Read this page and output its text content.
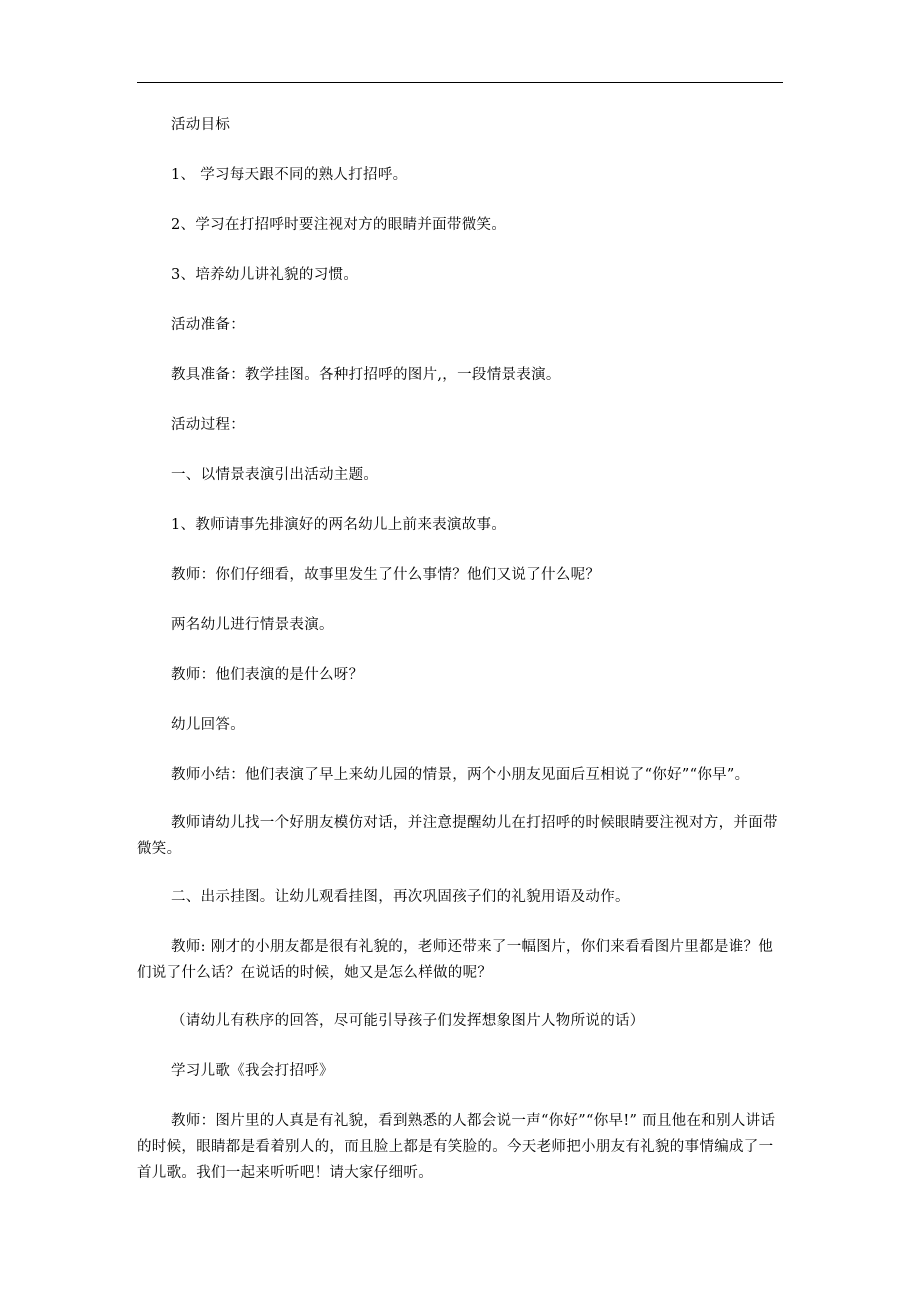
活动目标

1、 学习每天跟不同的熟人打招呼。

2、学习在打招呼时要注视对方的眼睛并面带微笑。

3、培养幼儿讲礼貌的习惯。

活动准备：

教具准备：教学挂图。各种打招呼的图片,，一段情景表演。

活动过程：

一、以情景表演引出活动主题。

1、教师请事先排演好的两名幼儿上前来表演故事。

教师：你们仔细看，故事里发生了什么事情？他们又说了什么呢？

两名幼儿进行情景表演。

教师：他们表演的是什么呀？

幼儿回答。

教师小结：他们表演了早上来幼儿园的情景，两个小朋友见面后互相说了“你好”“你早”。

教师请幼儿找一个好朋友模仿对话，并注意提醒幼儿在打招呼的时候眼睛要注视对方，并面带微笑。

二、出示挂图。让幼儿观看挂图，再次巩固孩子们的礼貌用语及动作。

教师: 刚才的小朋友都是很有礼貌的，老师还带来了一幅图片，你们来看看图片里都是谁？他们说了什么话？在说话的时候，她又是怎么样做的呢？

（请幼儿有秩序的回答，尽可能引导孩子们发挥想象图片人物所说的话）

学习儿歌《我会打招呼》

教师：图片里的人真是有礼貌，看到熟悉的人都会说一声“你好”“你早!” 而且他在和别人讲话的时候，眼睛都是看着别人的，而且脸上都是有笑脸的。今天老师把小朋友有礼貌的事情编成了一首儿歌。我们一起来听听吧！请大家仔细听。
